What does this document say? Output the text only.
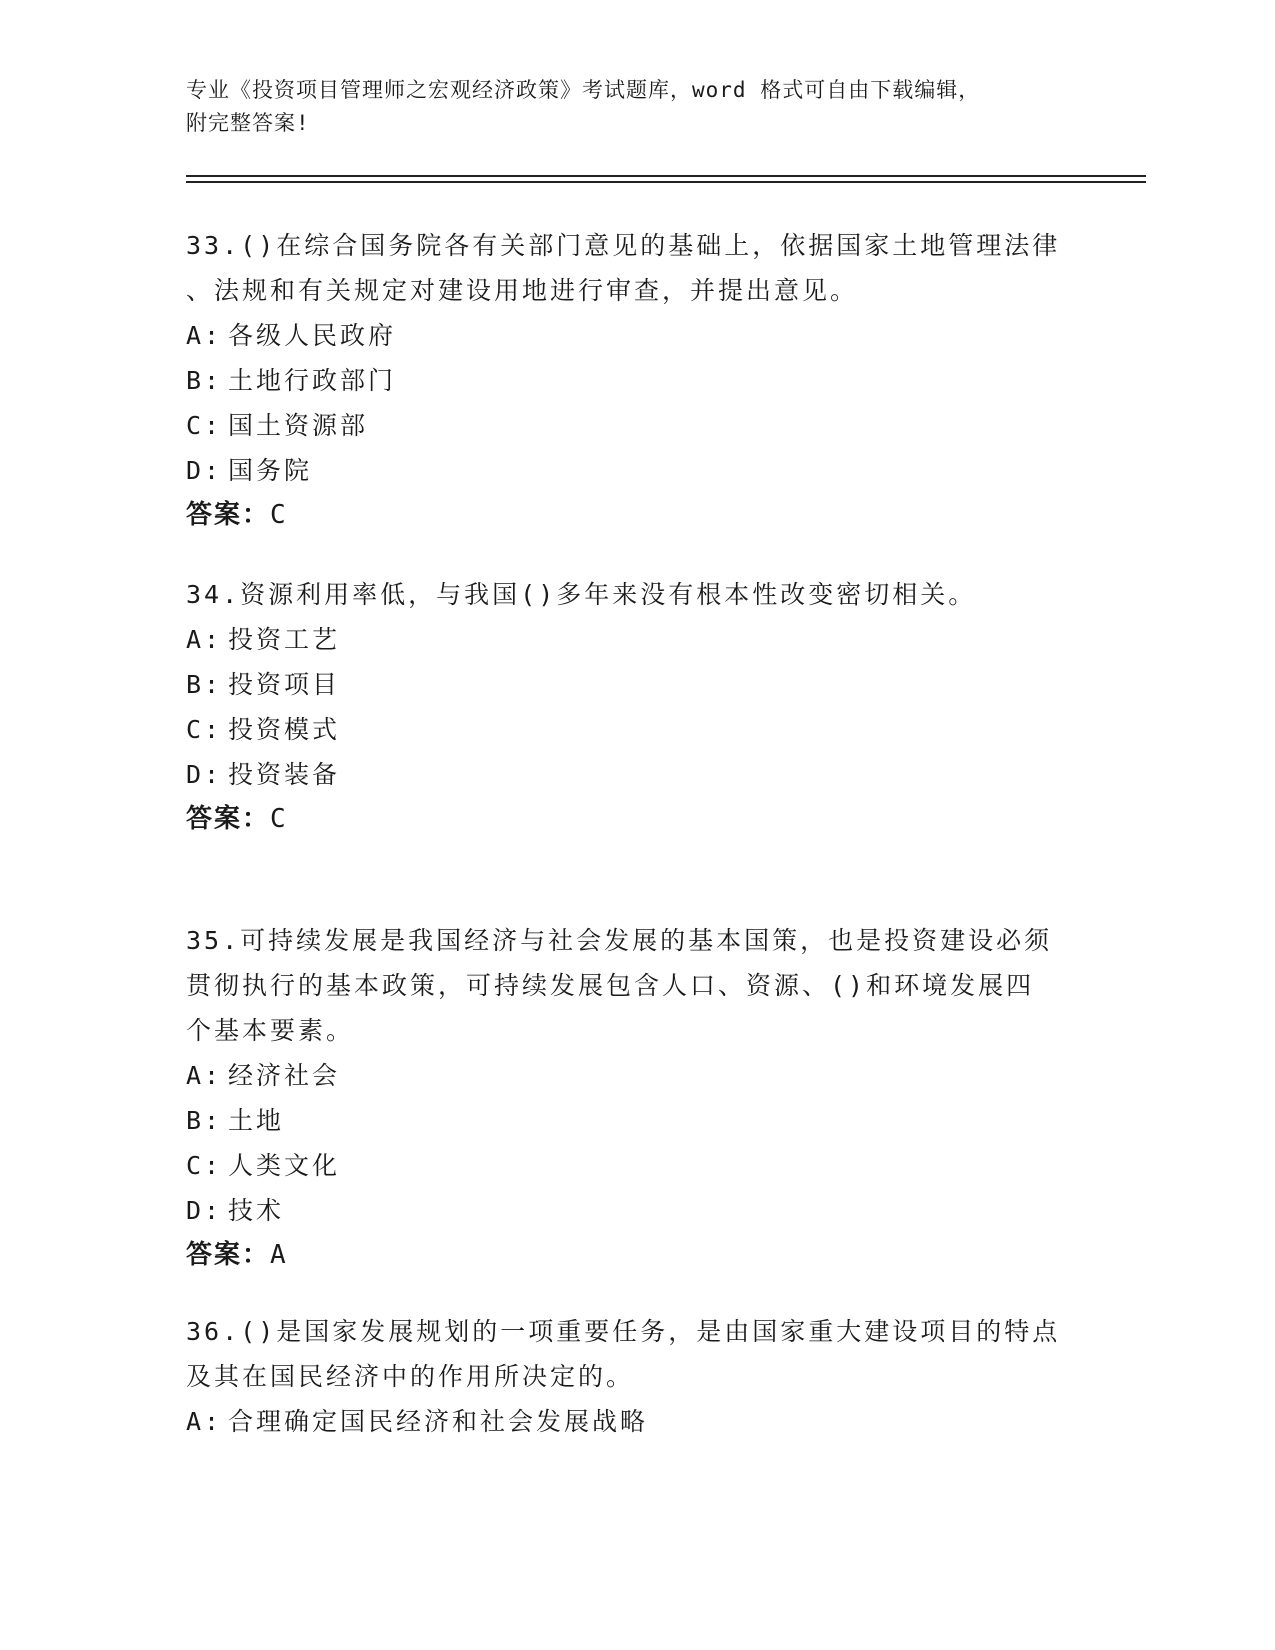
专业《投资项目管理师之宏观经济政策》考试题库，word 格式可自由下载编辑，
附完整答案!

33.()在综合国务院各有关部门意见的基础上，依据国家土地管理法律

、法规和有关规定对建设用地进行审查，并提出意见。

A: 各级人民政府

B: 土地行政部门

C: 国土资源部

D: 国务院

答案：C

34.资源利用率低，与我国()多年来没有根本性改变密切相关。

A: 投资工艺

B: 投资项目

C: 投资模式

D: 投资装备

答案：C

35.可持续发展是我国经济与社会发展的基本国策，也是投资建设必须

贯彻执行的基本政策，可持续发展包含人口、资源、()和环境发展四

个基本要素。

A: 经济社会

B: 土地

C: 人类文化

D: 技术

答案：A

36.()是国家发展规划的一项重要任务，是由国家重大建设项目的特点

及其在国民经济中的作用所决定的。

A: 合理确定国民经济和社会发展战略
